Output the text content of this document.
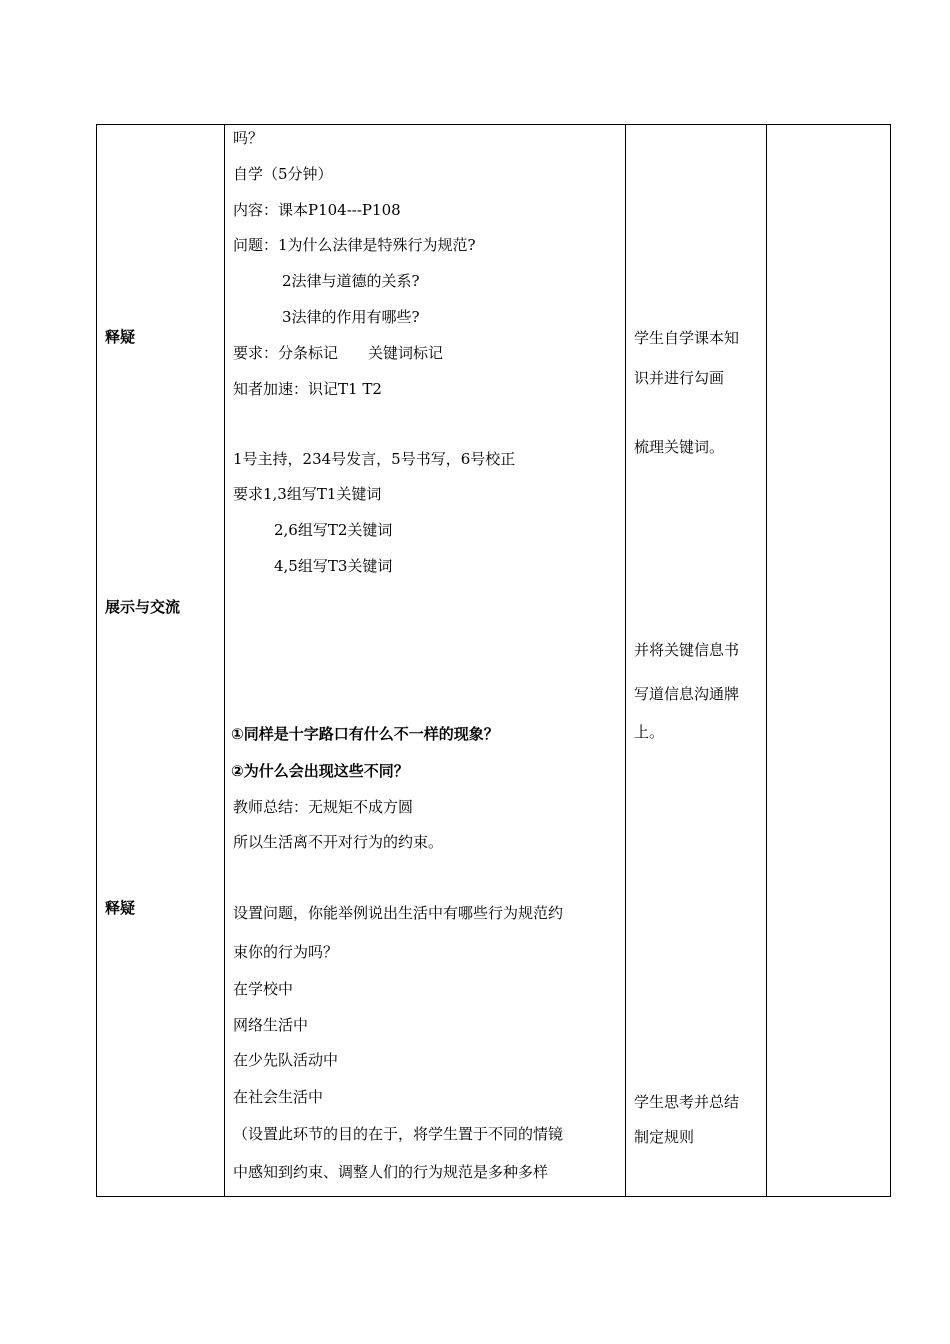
释疑
展示与交流
释疑
吗？
自学（5分钟）
内容：课本P104---P108
问题：1为什么法律是特殊行为规范?
2法律与道德的关系?
3法律的作用有哪些?
要求：分条标记　　关键词标记
知者加速：识记T1 T2
1号主持，234号发言，5号书写，6号校正
要求1,3组写T1关键词
2,6组写T2关键词
4,5组写T3关键词
①同样是十字路口有什么不一样的现象？
②为什么会出现这些不同？
教师总结：无规矩不成方圆
所以生活离不开对行为的约束。
设置问题，你能举例说出生活中有哪些行为规范约
束你的行为吗？
在学校中
网络生活中
在少先队活动中
在社会生活中
（设置此环节的目的在于，将学生置于不同的情镜
中感知到约束、调整人们的行为规范是多种多样
学生自学课本知
识并进行勾画
梳理关键词。
并将关键信息书
写道信息沟通牌
上。
学生思考并总结
制定规则
